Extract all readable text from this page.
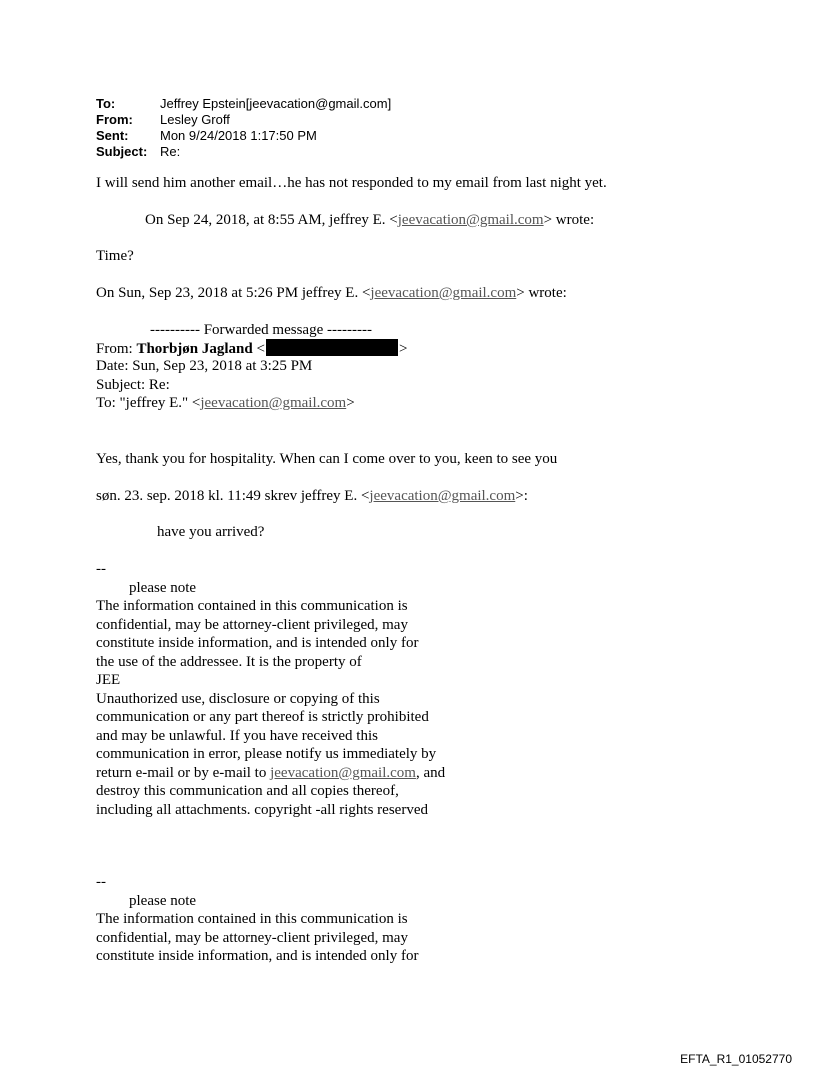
To:	Jeffrey Epstein[jeevacation@gmail.com]
From:	Lesley Groff
Sent:	Mon 9/24/2018 1:17:50 PM
Subject: Re:
I will send him another email…he has not responded to my email from last night yet.
On Sep 24, 2018, at 8:55 AM, jeffrey E. <jeevacation@gmail.com> wrote:
Time?
On Sun, Sep 23, 2018 at 5:26 PM jeffrey E. <jeevacation@gmail.com> wrote:
---------- Forwarded message ---------
From: Thorbjøn Jagland <	>
Date: Sun, Sep 23, 2018 at 3:25 PM
Subject: Re:
To: "jeffrey E." <jeevacation@gmail.com>
Yes, thank you for hospitality. When can I come over to you, keen to see you
søn. 23. sep. 2018 kl. 11:49 skrev jeffrey E. <jeevacation@gmail.com>:
have you arrived?
--
please note
The information contained in this communication is
confidential, may be attorney-client privileged, may
constitute inside information, and is intended only for
the use of the addressee. It is the property of
JEE
Unauthorized use, disclosure or copying of this
communication or any part thereof is strictly prohibited
and may be unlawful. If you have received this
communication in error, please notify us immediately by
return e-mail or by e-mail to jeevacation@gmail.com, and
destroy this communication and all copies thereof,
including all attachments. copyright -all rights reserved
--
please note
The information contained in this communication is
confidential, may be attorney-client privileged, may
constitute inside information, and is intended only for
EFTA_R1_01052770
